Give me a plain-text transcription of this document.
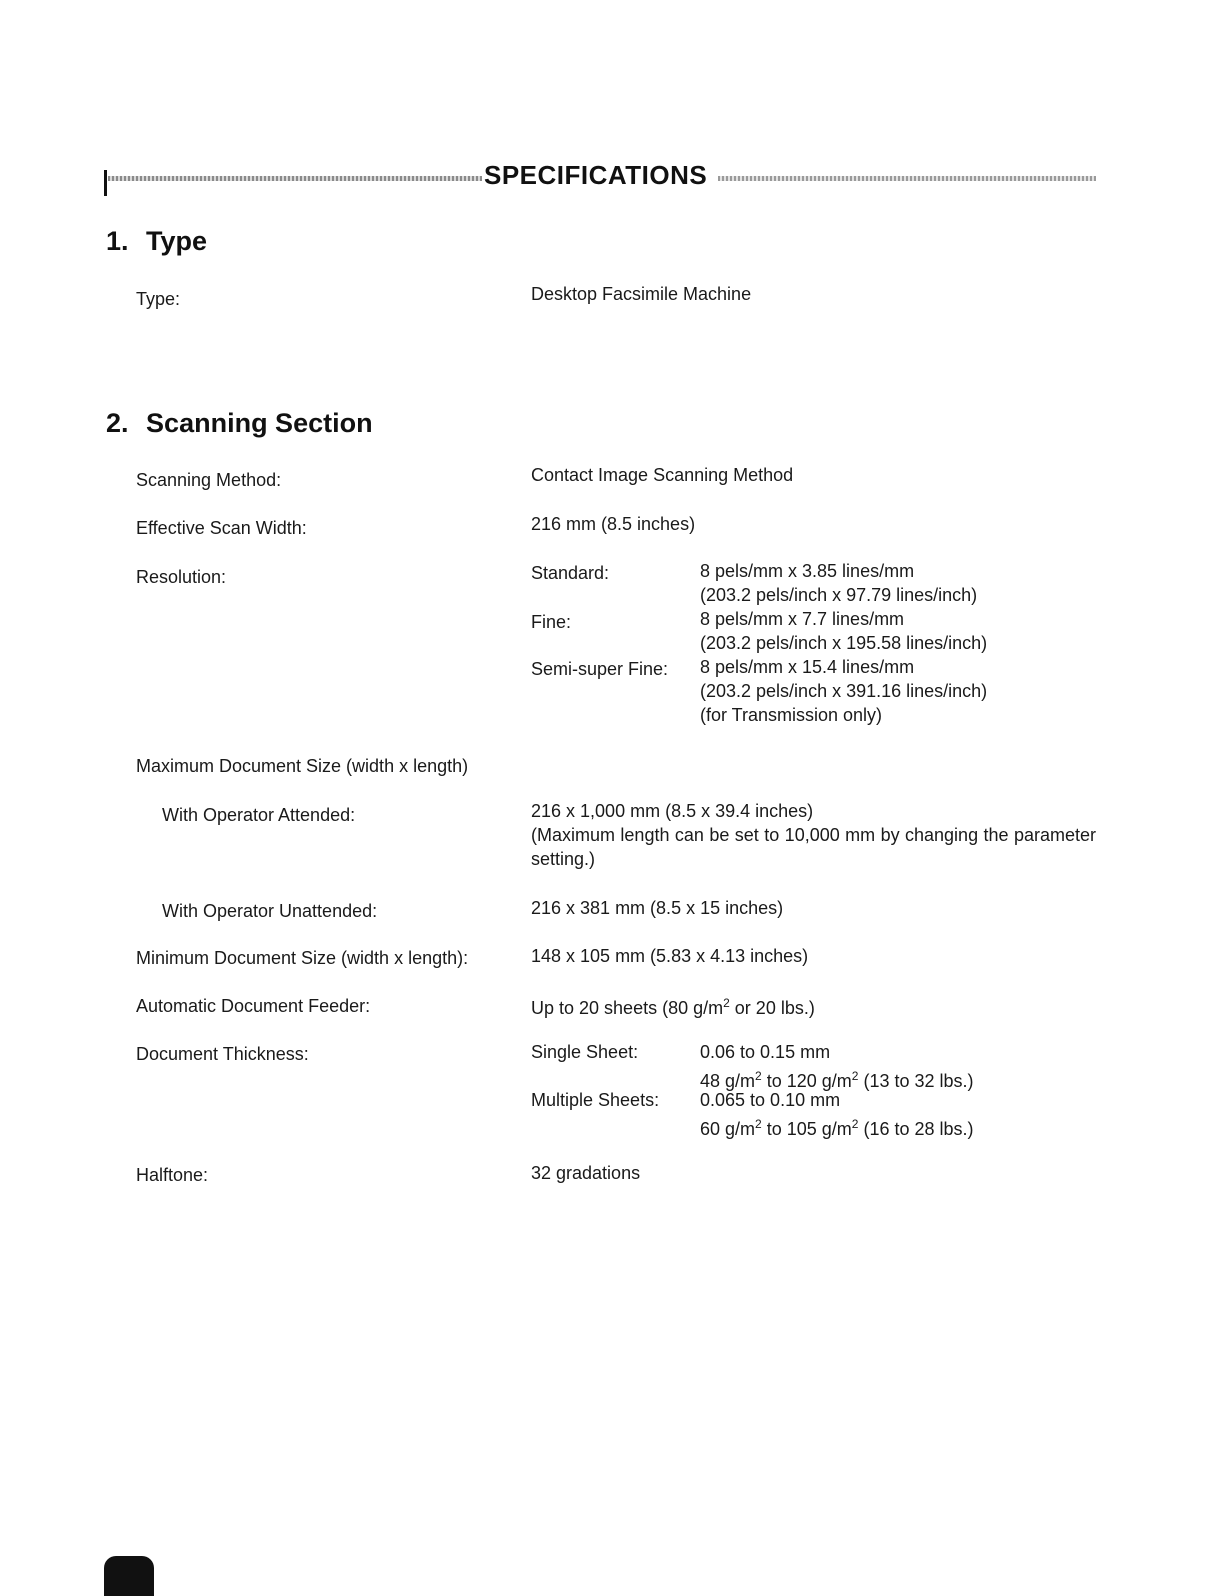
SPECIFICATIONS
1. Type
Type:	Desktop Facsimile Machine
2. Scanning Section
Scanning Method:	Contact Image Scanning Method
Effective Scan Width:	216 mm (8.5 inches)
Resolution:	Standard:	8 pels/mm x 3.85 lines/mm
(203.2 pels/inch x 97.79 lines/inch)
Fine:	8 pels/mm x 7.7 lines/mm
(203.2 pels/inch x 195.58 lines/inch)
Semi-super Fine: 8 pels/mm x 15.4 lines/mm
(203.2 pels/inch x 391.16 lines/inch)
(for Transmission only)
Maximum Document Size (width x length)
With Operator Attended:	216 x 1,000 mm (8.5 x 39.4 inches)
(Maximum length can be set to 10,000 mm by changing the parameter setting.)
With Operator Unattended:	216 x 381 mm (8.5 x 15 inches)
Minimum Document Size (width x length):	148 x 105 mm (5.83 x 4.13 inches)
Automatic Document Feeder:	Up to 20 sheets (80 $g/m^2$ or 20 lbs.)
Document Thickness:	Single Sheet:	0.06 to 0.15 mm
48 $g/m^2$ to 120 $g/m^2$ (13 to 32 lbs.)
Multiple Sheets: 0.065 to 0.10 mm
60 $g/m^2$ to 105 $g/m^2$ (16 to 28 lbs.)
Halftone:	32 gradations
